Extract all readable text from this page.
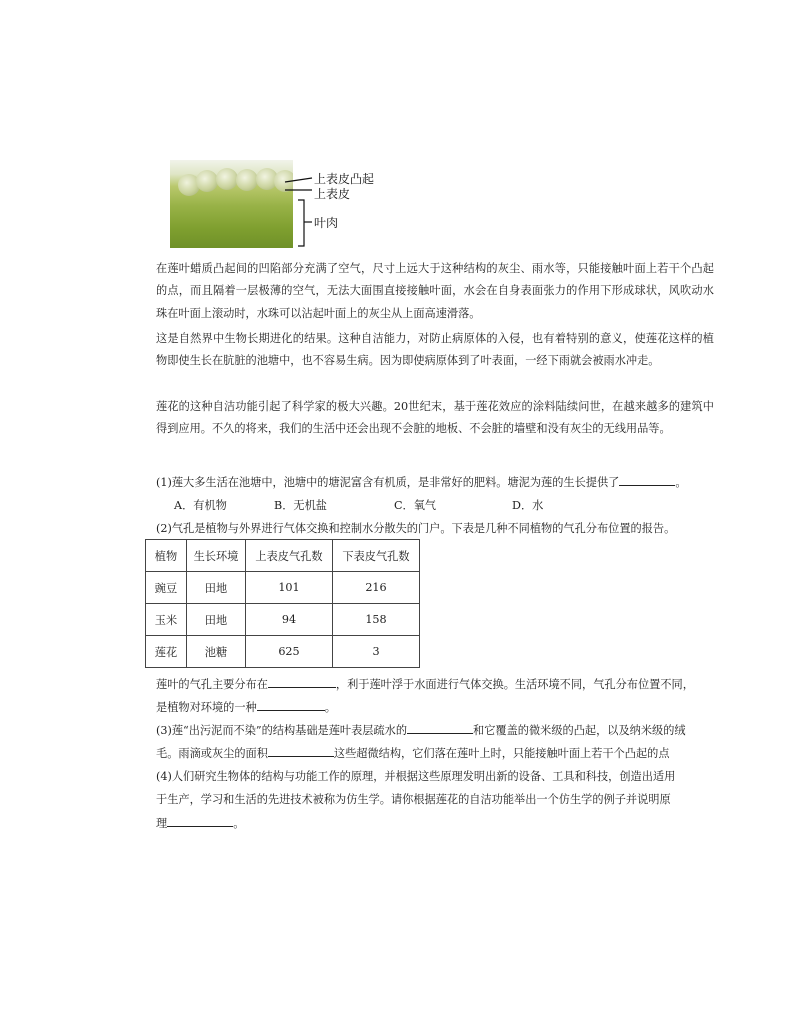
上表皮凸起
上表皮
叶肉

在莲叶蜡质凸起间的凹陷部分充满了空气，尺寸上远大于这种结构的灰尘、雨水等，只能接触叶面上若干个凸起的点，而且隔着一层极薄的空气，无法大面围直接接触叶面，水会在自身表面张力的作用下形成球状，风吹动水珠在叶面上滚动时，水珠可以沾起叶面上的灰尘从上面高速滑落。

这是自然界中生物长期进化的结果。这种自洁能力，对防止病原体的入侵，也有着特别的意义，使莲花这样的植物即使生长在肮脏的池塘中，也不容易生病。因为即使病原体到了叶表面，一经下雨就会被雨水冲走。

莲花的这种自洁功能引起了科学家的极大兴趣。20世纪末，基于莲花效应的涂料陆续问世，在越来越多的建筑中得到应用。不久的将来，我们的生活中还会出现不会脏的地板、不会脏的墙壁和没有灰尘的无线用品等。

(1)莲大多生活在池塘中，池塘中的塘泥富含有机质，是非常好的肥料。塘泥为莲的生长提供了	。
A．有机物	B．无机盐	C．氧气	D．水
(2)气孔是植物与外界进行气体交换和控制水分散失的门户。下表是几种不同植物的气孔分布位置的报告。
植物	生长环境	上表皮气孔数	下表皮气孔数
豌豆	田地	101	216
玉米	田地	94	158
莲花	池糖	625	3
莲叶的气孔主要分布在	，利于莲叶浮于水面进行气体交换。生活环境不同，气孔分布位置不同，
是植物对环境的一种	。
(3)莲“出污泥而不染”的结构基础是莲叶表层疏水的	和它覆盖的微米级的凸起，以及纳米级的绒
毛。雨滴或灰尘的面积	这些超微结构，它们落在莲叶上时，只能接触叶面上若干个凸起的点
(4)人们研究生物体的结构与功能工作的原理，并根据这些原理发明出新的设备、工具和科技，创造出适用
于生产，学习和生活的先进技术被称为仿生学。请你根据莲花的自洁功能举出一个仿生学的例子并说明原
理	。
